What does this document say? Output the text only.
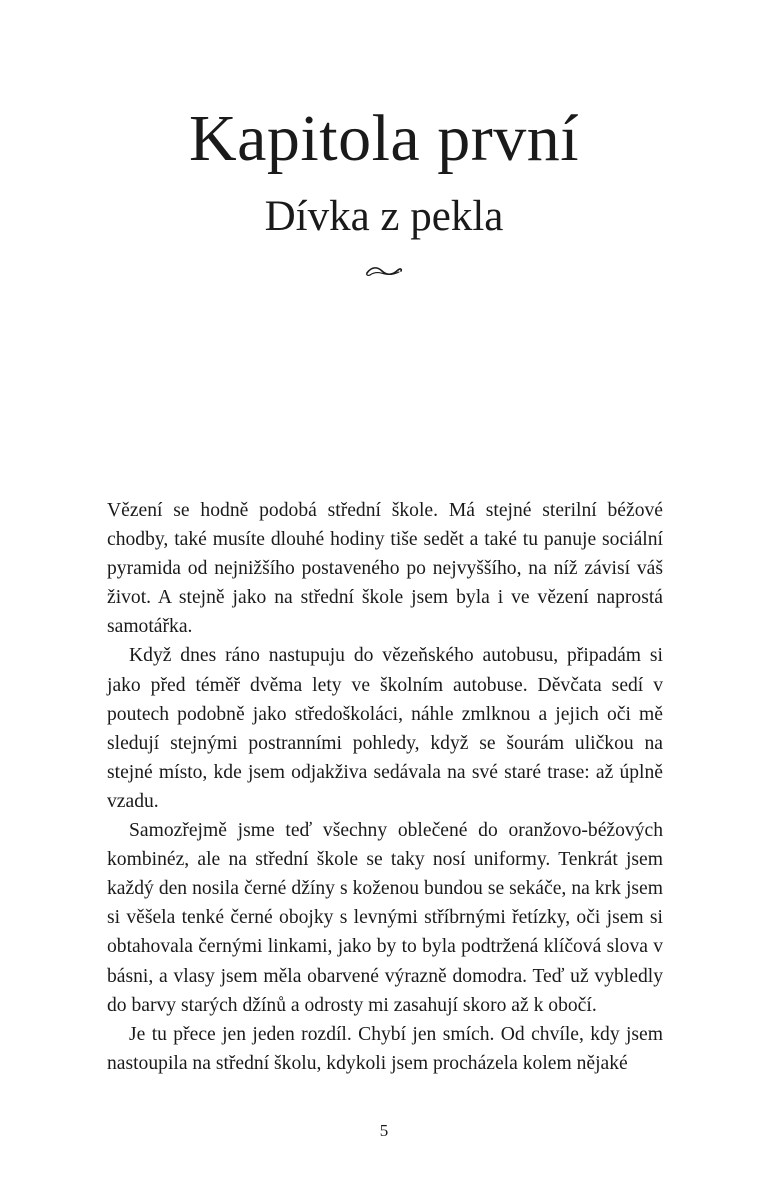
Kapitola první
Dívka z pekla

Vězení se hodně podobá střední škole. Má stejné sterilní béžové chodby, také musíte dlouhé hodiny tiše sedět a také tu panuje sociální pyramida od nejnižšího postaveného po nejvyššího, na níž závisí váš život. A stejně jako na střední škole jsem byla i ve vězení naprostá samotářka.

Když dnes ráno nastupuju do vězeňského autobusu, připadám si jako před téměř dvěma lety ve školním autobuse. Děvčata sedí v poutech podobně jako středoškoláci, náhle zmlknou a jejich oči mě sledují stejnými postranními pohledy, když se šourám uličkou na stejné místo, kde jsem odjakživa sedávala na své staré trase: až úplně vzadu.

Samozřejmě jsme teď všechny oblečené do oranžovo-béžových kombinéz, ale na střední škole se taky nosí uniformy. Tenkrát jsem každý den nosila černé džíny s koženou bundou se sekáče, na krk jsem si věšela tenké černé obojky s levnými stříbrnými řetízky, oči jsem si obtahovala černými linkami, jako by to byla podtržená klíčová slova v básni, a vlasy jsem měla obarvené výrazně domodra. Teď už vybledly do barvy starých džínů a odrosty mi zasahují skoro až k obočí.

Je tu přece jen jeden rozdíl. Chybí jen smích. Od chvíle, kdy jsem nastoupila na střední školu, kdykoli jsem procházela kolem nějaké

5
